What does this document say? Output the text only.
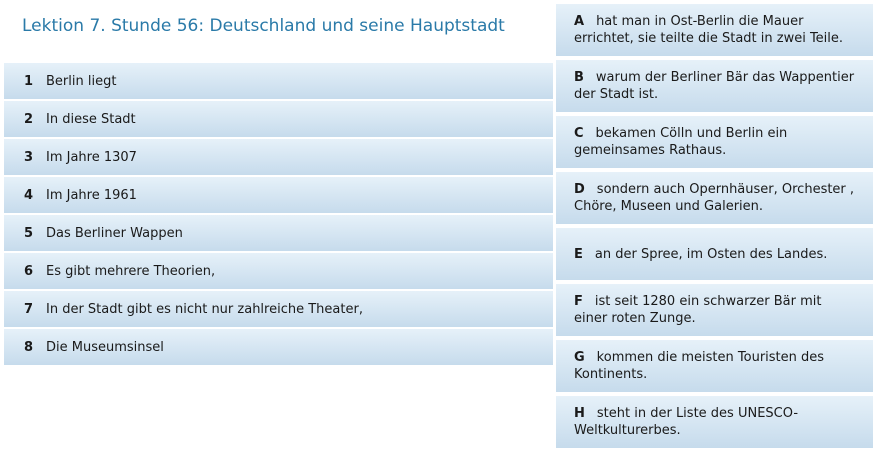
Lektion 7. Stunde 56: Deutschland und seine Hauptstadt
1 Berlin liegt
2 In diese Stadt
3 Im Jahre 1307
4 Im Jahre 1961
5 Das Berliner Wappen
6 Es gibt mehrere Theorien,
7 In der Stadt gibt es nicht nur zahlreiche Theater,
8 Die Museumsinsel
A hat man in Ost-Berlin die Mauer
errichtet, sie teilte die Stadt in zwei Teile.
B warum der Berliner Bär das Wappentier
der Stadt ist.
C bekamen Cölln und Berlin ein
gemeinsames Rathaus.
D sondern auch Opernhäuser, Orchester ,
Chöre, Museen und Galerien.
E an der Spree, im Osten des Landes.
F ist seit 1280 ein schwarzer Bär mit
einer roten Zunge.
G kommen die meisten Touristen des
Kontinents.
H steht in der Liste des UNESCO-
Weltkulturerbes.
